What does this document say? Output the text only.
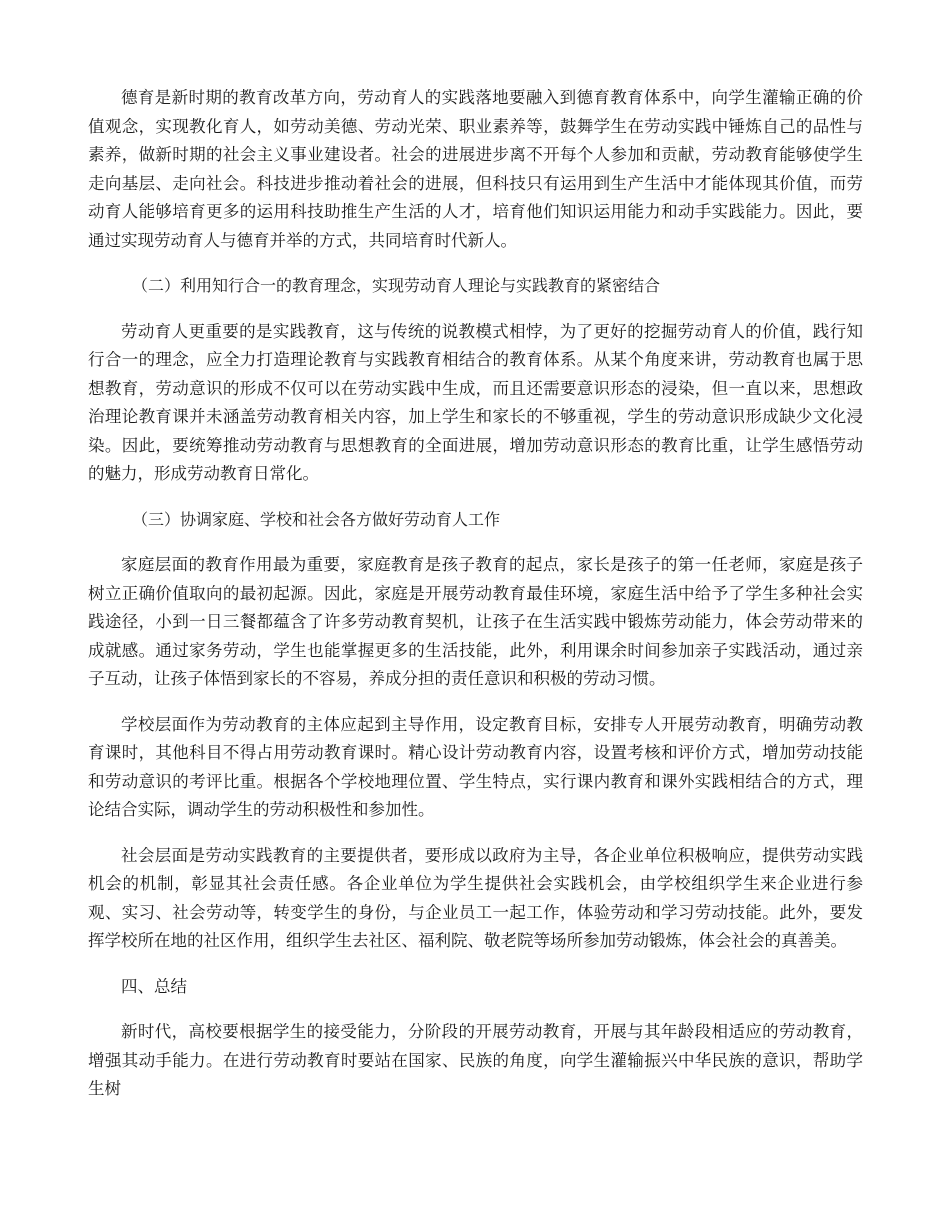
德育是新时期的教育改革方向，劳动育人的实践落地要融入到德育教育体系中，向学生灌输正确的价值观念，实现教化育人，如劳动美德、劳动光荣、职业素养等，鼓舞学生在劳动实践中锤炼自己的品性与素养，做新时期的社会主义事业建设者。社会的进展进步离不开每个人参加和贡献，劳动教育能够使学生走向基层、走向社会。科技进步推动着社会的进展，但科技只有运用到生产生活中才能体现其价值，而劳动育人能够培育更多的运用科技助推生产生活的人才，培育他们知识运用能力和动手实践能力。因此，要通过实现劳动育人与德育并举的方式，共同培育时代新人。

（二）利用知行合一的教育理念，实现劳动育人理论与实践教育的紧密结合

劳动育人更重要的是实践教育，这与传统的说教模式相悖，为了更好的挖掘劳动育人的价值，践行知行合一的理念，应全力打造理论教育与实践教育相结合的教育体系。从某个角度来讲，劳动教育也属于思想教育，劳动意识的形成不仅可以在劳动实践中生成，而且还需要意识形态的浸染，但一直以来，思想政治理论教育课并未涵盖劳动教育相关内容，加上学生和家长的不够重视，学生的劳动意识形成缺少文化浸染。因此，要统筹推动劳动教育与思想教育的全面进展，增加劳动意识形态的教育比重，让学生感悟劳动的魅力，形成劳动教育日常化。

（三）协调家庭、学校和社会各方做好劳动育人工作

家庭层面的教育作用最为重要，家庭教育是孩子教育的起点，家长是孩子的第一任老师，家庭是孩子树立正确价值取向的最初起源。因此，家庭是开展劳动教育最佳环境，家庭生活中给予了学生多种社会实践途径，小到一日三餐都蕴含了许多劳动教育契机，让孩子在生活实践中锻炼劳动能力，体会劳动带来的成就感。通过家务劳动，学生也能掌握更多的生活技能，此外，利用课余时间参加亲子实践活动，通过亲子互动，让孩子体悟到家长的不容易，养成分担的责任意识和积极的劳动习惯。

学校层面作为劳动教育的主体应起到主导作用，设定教育目标，安排专人开展劳动教育，明确劳动教育课时，其他科目不得占用劳动教育课时。精心设计劳动教育内容，设置考核和评价方式，增加劳动技能和劳动意识的考评比重。根据各个学校地理位置、学生特点，实行课内教育和课外实践相结合的方式，理论结合实际，调动学生的劳动积极性和参加性。

社会层面是劳动实践教育的主要提供者，要形成以政府为主导，各企业单位积极响应，提供劳动实践机会的机制，彰显其社会责任感。各企业单位为学生提供社会实践机会，由学校组织学生来企业进行参观、实习、社会劳动等，转变学生的身份，与企业员工一起工作，体验劳动和学习劳动技能。此外，要发挥学校所在地的社区作用，组织学生去社区、福利院、敬老院等场所参加劳动锻炼，体会社会的真善美。

四、总结

新时代，高校要根据学生的接受能力，分阶段的开展劳动教育，开展与其年龄段相适应的劳动教育，增强其动手能力。在进行劳动教育时要站在国家、民族的角度，向学生灌输振兴中华民族的意识，帮助学生树
